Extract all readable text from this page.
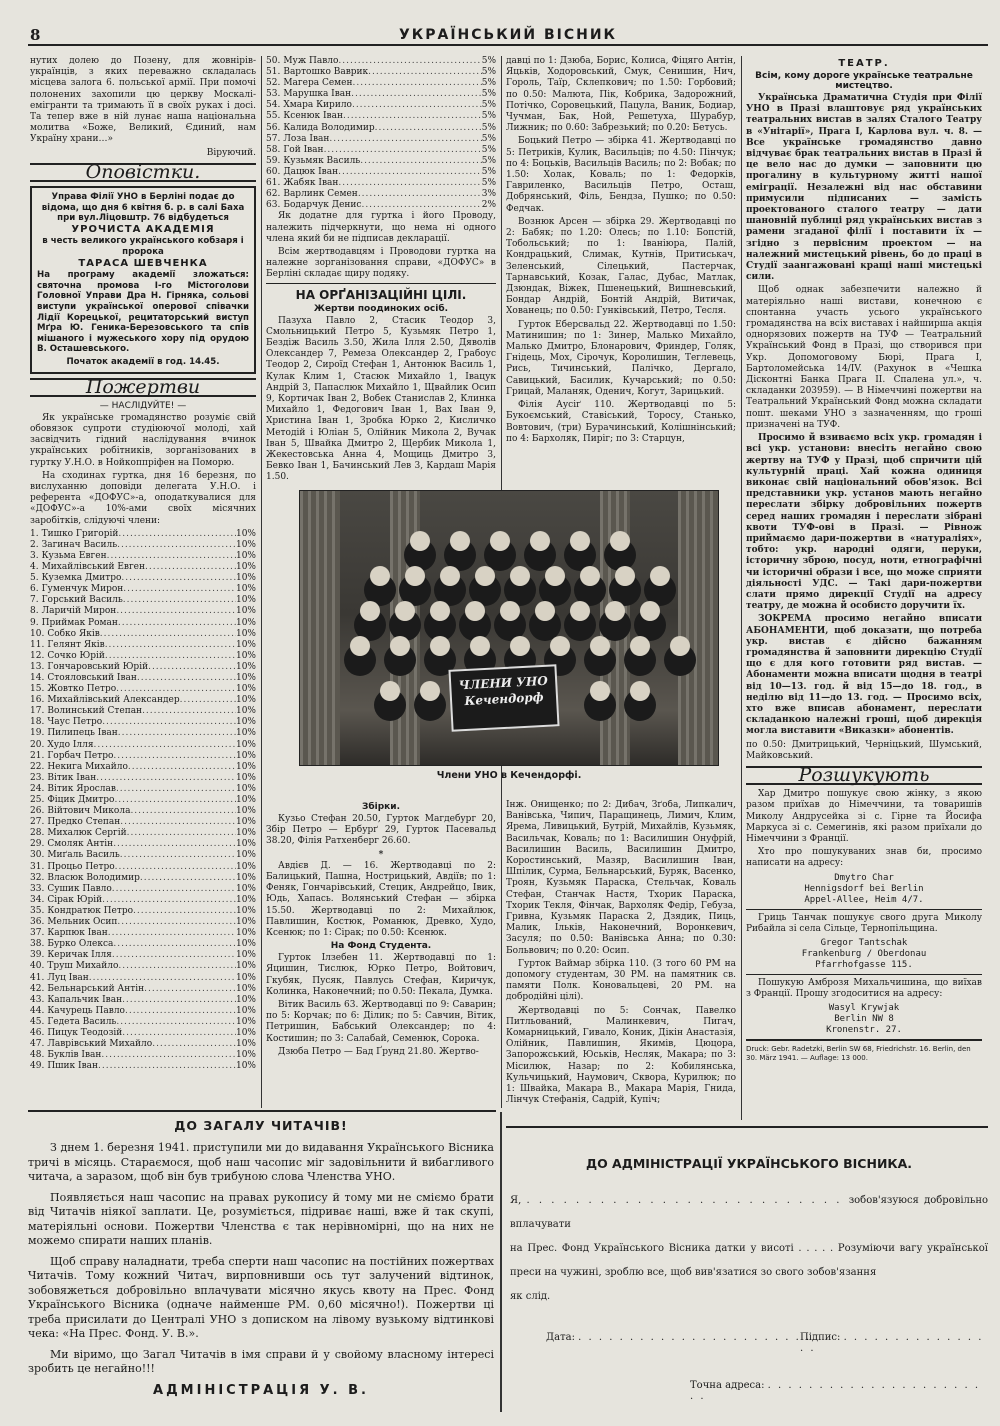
8	УКРАЇНСЬКИЙ ВІСНИК

нутих долею до Позену, для жовнірів-українців, з яких переважно складалась місцева залога 6. польської армії. При помочі полонених захопили цю церкву Москалі-емігранти та тримають її в своїх руках і досі. Та тепер вже в ній лунає наша національна молитва «Боже, Великий, Єдиний, нам Україну храни…»

Віруючий.
Оповістки.
Управа Філії УНО в Берліні подає до відома, що дня 6 квітня б. р. в салі Баха при вул.Ліцовштр. 76 відбудеться
УРОЧИСТА АКАДЕМІЯ
в честь великого українського кобзаря і пророка
ТАРАСА ШЕВЧЕНКА
На програму академії зложаться: святочна промова І-го Містоголови Головної Управи Дра Н. Гірняка, сольові виступи української оперової співачки Лідії Корецької, рецитаторський виступ Мґра Ю. Геника-Березовського та спів мішаного і мужеського хору під орудою В. Осташевського.
Початок академії в год. 14.45.
Пожертви
— НАСЛІДУЙТЕ! —

Як українське громадянство розуміє свій обовязок супроти студіюючої молоді, хай засвідчить гідний наслідування вчинок українських робітників, зорганізованих в гуртку У.Н.О. в Нойкоппріфен на Поморю.

На сходинах гуртка, дня 16 березня, по вислуханню доповіди делегата У.Н.О. і референта «ДОФУС»-а, оподаткувалися для «ДОФУС»-а 10%-ами своїх місячних заробітків, слідуючі члени:

1. Тишко Григорій .....	10%
2. Загинач Василь .....	10%
3. Кузьма Евген .....	10%
4. Михайлівський Евген .....	10%
5. Куземка Дмитро .....	10%
6. Гуменчук Мирон .....	10%
7. Горський Василь .....	10%
8. Ларичій Мирон .....	10%
9. Приймак Роман .....	10%
10. Собко Яків .....	10%
11. Гелянт Яків .....	10%
12. Сочко Юрій .....	10%
13. Гончаровський Юрій .....	10%
14. Стояловський Іван .....	10%
15. Жовтко Петро .....	10%
16. Михайлівський Александер .....	10%
17. Волинський Степан .....	10%
18. Чаус Петро .....	10%
19. Пилипець Іван .....	10%
20. Худо Ілля .....	10%
21. Горбач Петро .....	10%
22. Некига Михайло .....	10%
23. Вітик Іван .....	10%
24. Вітик Ярослав .....	10%
25. Фіцик Дмитро .....	10%
26. Війтович Микола .....	10%
27. Предко Степан .....	10%
28. Михалюк Сергій .....	10%
29. Смоляк Антін .....	10%
30. Миґаль Василь .....	10%
31. Процьо Петро .....	10%
32. Власюк Володимир .....	10%
33. Сушик Павло .....	10%
34. Сірак Юрій .....	10%
35. Кондратюк Петро .....	10%
36. Мельник Осип .....	10%
37. Карпюк Іван .....	10%
38. Бурко Олекса .....	10%
39. Керичак Ілля .....	10%
40. Труш Михайло .....	10%
41. Луц Іван .....	10%
42. Бельнарський Антін .....	10%
43. Капальчик Іван .....	10%
44. Качурець Павло .....	10%
45. Гедета Василь .....	10%
46. Пицук Теодозій .....	10%
47. Лаврівський Михайло .....	10%
48. Буклів Іван .....	10%
49. Пшик Іван .....	10%
50. Муж Павло .....	5%
51. Вартошко Ваврик .....	5%
52. Магера Семен .....	5%
53. Марушка Іван .....	5%
54. Хмара Кирило .....	5%
55. Ксенюк Іван .....	5%
56. Калида Володимир .....	5%
57. Лоза Іван .....	5%
58. Гой Іван .....	5%
59. Кузьмяк Василь .....	5%
60. Дацюк Іван .....	5%
61. Жабяк Іван .....	5%
62. Варлинк Семен .....	3%
63. Бодарчук Денис .....	2%

Як додатне для гуртка і його Проводу, належить підчеркнути, що нема ні одного члена який би не підписав декларації.

Всім жертводавцям і Проводови гуртка на належне зорганізовання справи, «ДОФУС» в Берліні складає щиру подяку.

НА ОРҐАНІЗАЦІЙНІ ЦІЛІ.
Жертви поодиноких осіб.

Пазуха Павло 2, Стасик Теодор 3, Смольницький Петро 5, Кузьмяк Петро 1, Бездіж Василь 3.50, Жила Ілля 2.50, Дяволів Олександер 7, Ремеза Олександер 2, Грабоус Теодор 2, Сирoїд Стефан 1, Антонюк Василь 1, Кулак Клим 1, Стасюк Михайло 1, Івацук Андрій 3, Папаслюк Михайло 1, Щвайлик Осип 9, Кортичак Іван 2, Вобек Станислав 2, Клинка Михайло 1, Федогович Іван 1, Вах Іван 9, Христина Іван 1, Зробка Юрко 2, Кисличко Методій і Юліан 5, Олійник Микола 2, Вучак Іван 5, Швайка Дмитро 2, Щербик Микола 1, Жекестовська Анна 4, Мощиць Дмитро 3, Бевко Іван 1, Бачинський Лев 3, Кардаш Марія 1.50.

давці по 1: Дзюба, Борис, Колиса, Фіцяго Антін, Яцьків, Ходоровський, Смук, Сенишин, Нич, Гороль, Таїр, Склепкович; по 1.50: Горбовий; по 0.50: Малюта, Пік, Кобрика, Задорожний, Потічко, Соровецький, Пацула, Ваник, Бодиар, Чучман, Бак, Ной, Решетуха, Шурабур, Лижник; по 0.60: Забрезький; по 0.20: Бетусь.

Боцький Петро — збірка 41. Жертводавці по 5: Петриків, Кулик, Васильців; по 4.50: Пінчук; по 4: Боцьків, Васильців Василь; по 2: Вобак; по 1.50: Холак, Коваль; по 1: Федорків, Гавриленко, Васильців Петро, Осташ, Добрянський, Філь, Бендза, Пушко; по 0.50: Федчак.

Вознюк Арсен — збірка 29. Жертводавці по 2: Бабяк; по 1.20: Олесь; по 1.10: Бопстій, Тобольський; по 1: Іваніюра, Палій, Кондрацький, Слимак, Кутнів, Притиськач, Зеленський, Сілецький, Пастерчак, Тарнавський, Козак, Галас, Дубас, Матлак, Дзюндак, Віжек, Пшенецький, Вишневський, Бондар Андрій, Бонтій Андрій, Витичак, Хованець; по 0.50: Гунківський, Петро, Тесля.

Гурток Еберсвальд 22. Жертводавці по 1.50: Матинишин; по 1: Зинер, Малько Михайло, Малько Дмитро, Блонарович, Фриндер, Голяк, Гнідець, Мох, Сірочук, Королишин, Теглевець, Рись, Тичинський, Палічко, Дергало, Савицький, Басилик, Кучарський; по 0.50: Грицай, Маланяк, Оденич, Когут, Зарицький.

Філія Аусіґ 110. Жертводавці по 5: Букоємський, Ставіський, Торосу, Станько, Вовтович, (три) Бурачинський, Колішнінський; по 4: Бархоляк, Пиріг; по 3: Старцун,

ЧЛЕНИ УНО Кечендорф
Члени УНО в Кечендорфі.
Збірки.

Кузьо Стефан 20.50, Гурток Магдебург 20, Збір Петро — Ербурґ 29, Гурток Пасевальд 38.20, Філія Ратхенберг 26.60.

*

Авдієв Д. — 16. Жертводавці по 2: Балицький, Пашна, Нострицький, Авдіїв; по 1: Феняк, Гончарівський, Стецик, Андрейцо, Івик, Юдь, Хапась. Волянський Стефан — збірка 15.50. Жертводавці по 2: Михайлюк, Павлишин, Костюк, Романюк, Древко, Худо, Ксенюк; по 1: Сірак; по 0.50: Ксенюк.

На Фонд Студента.

Гурток Ілзебен 11. Жертводавці по 1: Яцишин, Тислюк, Юрко Петро, Войтович, Гкубяк, Пусяк, Павлусь Стефан, Киричук, Колинка, Наконечний; по 0.50: Пекала, Думка.

Вітик Василь 63. Жертводавці по 9: Саварин; по 5: Корчак; по 6: Ділик; по 5: Савчин, Вітик, Петришин, Бабський Олександер; по 4: Костишин; по 3: Салабай, Семенюк, Сорока.

Дзюба Петро — Бад Ґрунд 21.80. Жертво-

Інж. Онищенко; по 2: Дибач, Зґоба, Липкалич, Ванівська, Чипич, Паращинець, Лимич, Клим, Ярема, Ливицький, Бутрій, Михайлів, Кузьмяк, Васильчак, Коваль; по 1: Василишин Онуфрій, Василишин Василь, Василишин Дмитро, Коростинський, Мазяр, Василишин Іван, Шпілик, Сурма, Бельнарський, Буряк, Васенко, Троян, Кузьмяк Параска, Стельчак, Коваль Стефан, Станчак Настя, Тхорик Параска, Тхорик Текля, Фінчак, Вархоляк Федір, Гебуза, Гривна, Кузьмяк Параска 2, Дзядик, Пиць, Малик, Ільків, Наконечний, Воронкевич, Засуля; по 0.50: Ванівська Анна; по 0.30: Больвович; по 0.20: Осип.

Гурток Ваймар збірка 110. (З того 60 РМ на допомогу студентам, 30 РМ. на памятник св. памяти Полк. Коновальцеві, 20 РМ. на добродійні цілі).

Жертводавці по 5: Сончак, Павелко Питльований, Малинкевич, Пигач, Комарницький, Гивало, Коник, Дікін Анастазія, Олійник, Павлишин, Якимів, Цюцора, Запорожський, Юськів, Несляк, Макара; по 3: Місилюк, Назар; по 2: Кобилянська, Кульчицький, Наумович, Скворa, Курилюк; по 1: Швайка, Макара В., Макара Марія, Гнида, Лінчук Стефанія, Садрій, Купiч;

ТЕАТР.
Всім, кому дороге українське театральне мистецтво.

Українська Драматична Студія при Філії УНО в Празі влаштовує ряд українських театральних вистав в залях Сталого Театру в «Унітарії», Прага І, Карлова вул. ч. 8. — Все українське громадянство давно відчуває брак театральних вистав в Празі й це вело нас до думки — заповнити цю прогалину в культурному житті нашої еміграції. Незалежні від нас обставини примусили підписаних — замість проектованого сталого театру — дати шановній публиці ряд українських вистав з рамени згаданої філії і поставити їх — згідно з первісним проектом — на належний мистецький рівень, бо до праці в Студії заангажовані кращі наші мистецькі сили.

Щоб однак забезпечити належно й матеріяльно наші вистави, конечною є спонтанна участь усього українського громадянства на всіх виставах і найширша акція однорязових пожертв на ТУФ — Театральний Український Фонд в Празі, що створився при Укр. Допомоговому Бюрі, Прага І, Бартоломейська 14/IV. (Рахунок в «Чешка Дісконтні Банка Прага II. Спалена ул.», ч. складанки 203959). — В Німеччині пожертви на Театральний Український Фонд можна складати пошт. шеками УНО з зазначенням, що грошi призначені на ТУФ.

Просимо й взиваємо всіх укр. громадян і всі укр. установи: внесіть негайно свою жертву на ТУФ у Празі, щоб спричити цій культурній праці. Хай кожна одиниця виконає свій національний обов'язок. Всі представники укр. установ мають негайно переслати збірку добровільних пожертв серед наших громадян і переслати зібрані квоти ТУФ-ові в Празі. — Рівнож приймаємо дари-пожертви в «натураліях», тобто: укр. народні одяги, перуки, історичну зброю, посуд, ноти, етнографічні чи історичні образи і все, що може сприяти діяльності УДС. — Такі дари-пожертви слати прямо дирекції Студії на адресу театру, де можна й особисто доручити їх.

ЗОКРЕМА просимо негайно вписати АБОНАМЕНТИ, щоб доказати, що потреба укр. вистав є дійсно бажанням громадянства й заповнити дирекцію Студії що є для кого готовити ряд вистав. — Абонаменти можна вписати щодня в театрі від 10—13. год. й від 15—до 18. год., в неділю від 11—до 13. год. — Просимо всіх, хто вже вписав абонамент, переслати складанкою належні гроші, щоб дирекція могла виставити «Виказки» абонентів.

по 0.50: Дмитрицький, Черніцький, Шумський, Майковський.

Розшукують

Хар Дмитро пошукує свою жінку, з якою разом приїхав до Німеччини, та товаришів Миколу Андрусейка зі с. Гірне та Йосифа Маркуса зі с. Семегинів, які разом приїхали до Німеччини з Франції.

Хто про пошукуваних знав би, просимо написати на адресу:

Dmytro Char
Hennigsdorf bei Berlin
Appel-Allee, Heim 4/7.

Гриць Танчак пошукує свого друга Миколу Рибайла зі села Сільце, Тернопільщина.

Gregor Tantschak
Frankenburg / Oberdonau
Pfarrhofgasse 115.

Пошукую Амброзя Михальчишина, що виїхав з Франції. Прошу згодоситися на адресу:

Wasyl Krywjak
Berlin NW 8
Kronenstr. 27.
Druck: Gebr. Radetzki, Berlin SW 68, Friedrichstr. 16. Berlin, den 30. März 1941. — Auflage: 13 000.
ДО ЗАГАЛУ ЧИТАЧІВ!

З днем 1. березня 1941. приступили ми до видавання Українського Вісника тричі в місяць. Старaємося, щоб наш часопис міг задовільнити й вибагливого читача, а заразом, щоб він був трибуною слова Членства УНО.

Появляється наш часопис на правах рукопису й тому ми не сміємо брати від Читачів ніякої заплати. Це, розуміється, підриває наші, вже й так скупі, матеріяльні основи. Пожертви Членства є так нерівномірні, що на них не можемо спирати наших планів.

Щоб справу наладнати, треба сперти наш часопис на постійних пожертвах Читачів. Тому кожний Читач, вирповнивши ось тут залучений відтинок, зобовяжеться добровільно вплачувати місячно якусь квоту на Прес. Фонд Українського Вісника (одначе найменше РМ. 0,60 місячно!). Пожертви ці треба присилати до Централі УНО з дописком на лівому вузькому відтинкові чека: «На Прес. Фонд. У. В.».

Ми віримо, що Загал Читачів в імя справи й у свойому власному інтересі зробить це негайно!!!

АДМІНІСТРАЦІЯ У. В.
ДО АДМІНІСТРАЦІЇ УКРАЇНСЬКОГО ВІСНИКА.
Я, . . . . . . . . . . . . . . . . . . . . . . . . . . зобов'язуюся добровільно вплачувати
на Прес. Фонд Українського Вісника датки у висоті . . . . . Розуміючи вагу української преси на чужині, зроблю все, щоб вив'язатися зо свого зобов'язання
як слід.
Дата: . . . . . . . . . . . . . . . . . . . . . . .
Підпис: . . . . . . . . . . . . . . . .
Точна адреса: . . . . . . . . . . . . . . . . . . . . . . .
